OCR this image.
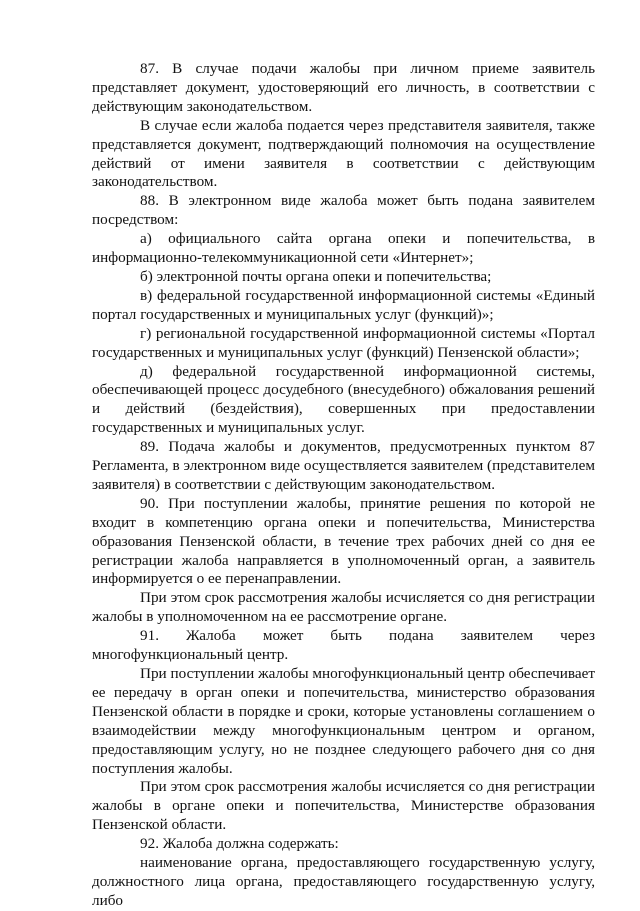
87. В случае подачи жалобы при личном приеме заявитель представляет документ, удостоверяющий его личность, в соответствии с действующим законодательством.

В случае если жалоба подается через представителя заявителя, также представляется документ, подтверждающий полномочия на осуществление действий от имени заявителя в соответствии с действующим законодательством.

88. В электронном виде жалоба может быть подана заявителем посредством:

а) официального сайта органа опеки и попечительства, в информационно-телекоммуникационной сети «Интернет»;

б) электронной почты органа опеки и попечительства;

в) федеральной государственной информационной системы «Единый портал государственных и муниципальных услуг (функций)»;

г) региональной государственной информационной системы «Портал государственных и муниципальных услуг (функций) Пензенской области»;

д) федеральной государственной информационной системы, обеспечивающей процесс досудебного (внесудебного) обжалования решений и действий (бездействия), совершенных при предоставлении государственных и муниципальных услуг.

89. Подача жалобы и документов, предусмотренных пунктом 87 Регламента, в электронном виде осуществляется заявителем (представителем заявителя) в соответствии с действующим законодательством.

90. При поступлении жалобы, принятие решения по которой не входит в компетенцию органа опеки и попечительства, Министерства образования Пензенской области, в течение трех рабочих дней со дня ее регистрации жалоба направляется в уполномоченный орган, а заявитель информируется о ее перенаправлении.

При этом срок рассмотрения жалобы исчисляется со дня регистрации жалобы в уполномоченном на ее рассмотрение органе.

91. Жалоба может быть подана заявителем через многофункциональный центр.

При поступлении жалобы многофункциональный центр обеспечивает ее передачу в орган опеки и попечительства, министерство образования Пензенской области в порядке и сроки, которые установлены соглашением о взаимодействии между многофункциональным центром и органом, предоставляющим услугу, но не позднее следующего рабочего дня со дня поступления жалобы.

При этом срок рассмотрения жалобы исчисляется со дня регистрации жалобы в органе опеки и попечительства, Министерстве образования Пензенской области.

92. Жалоба должна содержать:

наименование органа, предоставляющего государственную услугу, должностного лица органа, предоставляющего государственную услугу, либо
